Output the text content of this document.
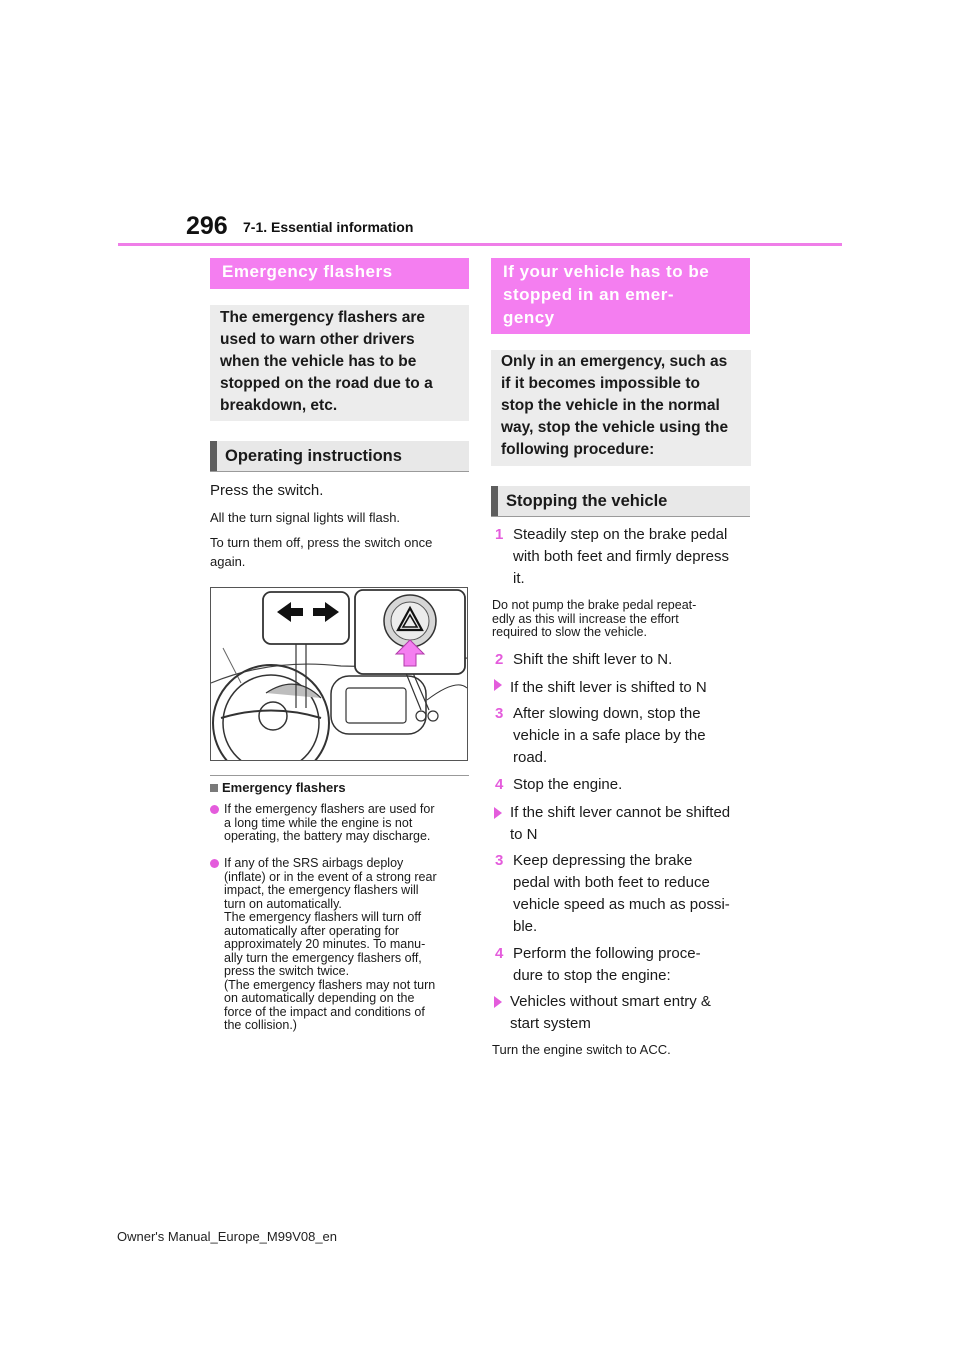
296 7-1. Essential information
Emergency flashers
The emergency flashers are
used to warn other drivers
when the vehicle has to be
stopped on the road due to a
breakdown, etc.
Operating instructions
Press the switch.
All the turn signal lights will flash.
To turn them off, press the switch once
again.
Emergency flashers
If the emergency flashers are used for
a long time while the engine is not
operating, the battery may discharge.
If any of the SRS airbags deploy
(inflate) or in the event of a strong rear
impact, the emergency flashers will
turn on automatically.
The emergency flashers will turn off
automatically after operating for
approximately 20 minutes. To manu-
ally turn the emergency flashers off,
press the switch twice.
(The emergency flashers may not turn
on automatically depending on the
force of the impact and conditions of
the collision.)
If your vehicle has to be
stopped in an emer-
gency
Only in an emergency, such as
if it becomes impossible to
stop the vehicle in the normal
way, stop the vehicle using the
following procedure:
Stopping the vehicle
1 Steadily step on the brake pedal
with both feet and firmly depress
it.
Do not pump the brake pedal repeat-
edly as this will increase the effort
required to slow the vehicle.
2 Shift the shift lever to N.
If the shift lever is shifted to N
3 After slowing down, stop the
vehicle in a safe place by the
road.
4 Stop the engine.
If the shift lever cannot be shifted
to N
3 Keep depressing the brake
pedal with both feet to reduce
vehicle speed as much as possi-
ble.
4 Perform the following proce-
dure to stop the engine:
Vehicles without smart entry &
start system
Turn the engine switch to ACC.
Owner's Manual_Europe_M99V08_en
